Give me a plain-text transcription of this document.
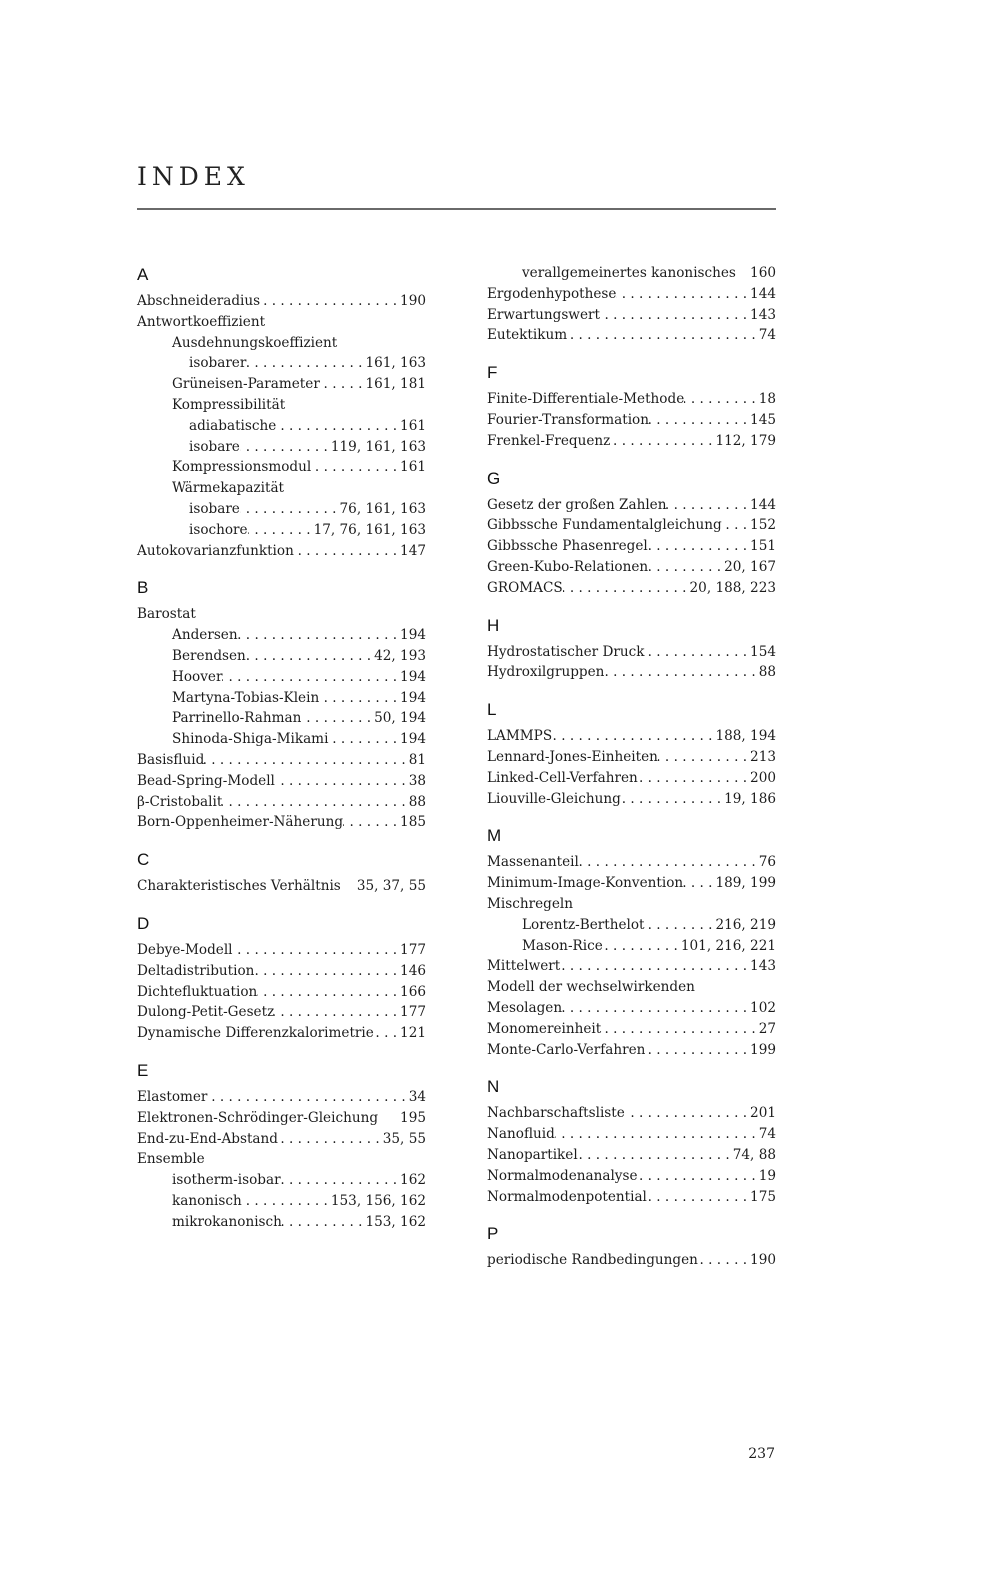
INDEX
A
Abschneideradius . . .	190
Antwortkoeffizient
Ausdehnungskoeffizient
isobarer . . .	161, 163
Grüneisen-Parameter . . .	161, 181
Kompressibilität
adiabatische . . .	161
isobare . . .	119, 161, 163
Kompressionsmodul . . .	161
Wärmekapazität
isobare . . .	76, 161, 163
isochore . . .	17, 76, 161, 163
Autokovarianzfunktion . . .	147
B
Barostat
Andersen . . .	194
Berendsen . . .	42, 193
Hoover . . .	194
Martyna-Tobias-Klein . . .	194
Parrinello-Rahman . . .	50, 194
Shinoda-Shiga-Mikami . . .	194
Basisfluid . . .	81
Bead-Spring-Modell . . .	38
β-Cristobalit . . .	88
Born-Oppenheimer-Näherung . . .	185
C
Charakteristisches Verhältnis 35, 37, 55
D
Debye-Modell . . .	177
Deltadistribution . . .	146
Dichtefluktuation . . .	166
Dulong-Petit-Gesetz . . .	177
Dynamische Differenzkalorimetrie . . . 121
E
Elastomer . . .	34
Elektronen-Schrödinger-Gleichung 195
End-zu-End-Abstand . . .	35, 55
Ensemble
isotherm-isobar . . .	162
kanonisch . . .	153, 156, 162
mikrokanonisch . . .	153, 162
verallgemeinertes kanonisches 160
Ergodenhypothese . . .	144
Erwartungswert . . .	143
Eutektikum . . .	74
F
Finite-Differentiale-Methode . . .	18
Fourier-Transformation . . .	145
Frenkel-Frequenz . . .	112, 179
G
Gesetz der großen Zahlen . . .	144
Gibbssche Fundamentalgleichung . . . 152
Gibbssche Phasenregel . . .	151
Green-Kubo-Relationen . . .	20, 167
GROMACS . . .	20, 188, 223
H
Hydrostatischer Druck . . .	154
Hydroxilgruppen . . .	88
L
LAMMPS . . .	188, 194
Lennard-Jones-Einheiten . . .	213
Linked-Cell-Verfahren . . .	200
Liouville-Gleichung . . .	19, 186
M
Massenanteil . . .	76
Minimum-Image-Konvention . . . 189, 199
Mischregeln
Lorentz-Berthelot . . .	216, 219
Mason-Rice . . .	101, 216, 221
Mittelwert . . .	143
Modell der wechselwirkenden
Mesolagen . . .	102
Monomereinheit . . .	27
Monte-Carlo-Verfahren . . .	199
N
Nachbarschaftsliste . . .	201
Nanofluid . . .	74
Nanopartikel . . .	74, 88
Normalmodenanalyse . . .	19
Normalmodenpotential . . .	175
P
periodische Randbedingungen . . .	190
237
